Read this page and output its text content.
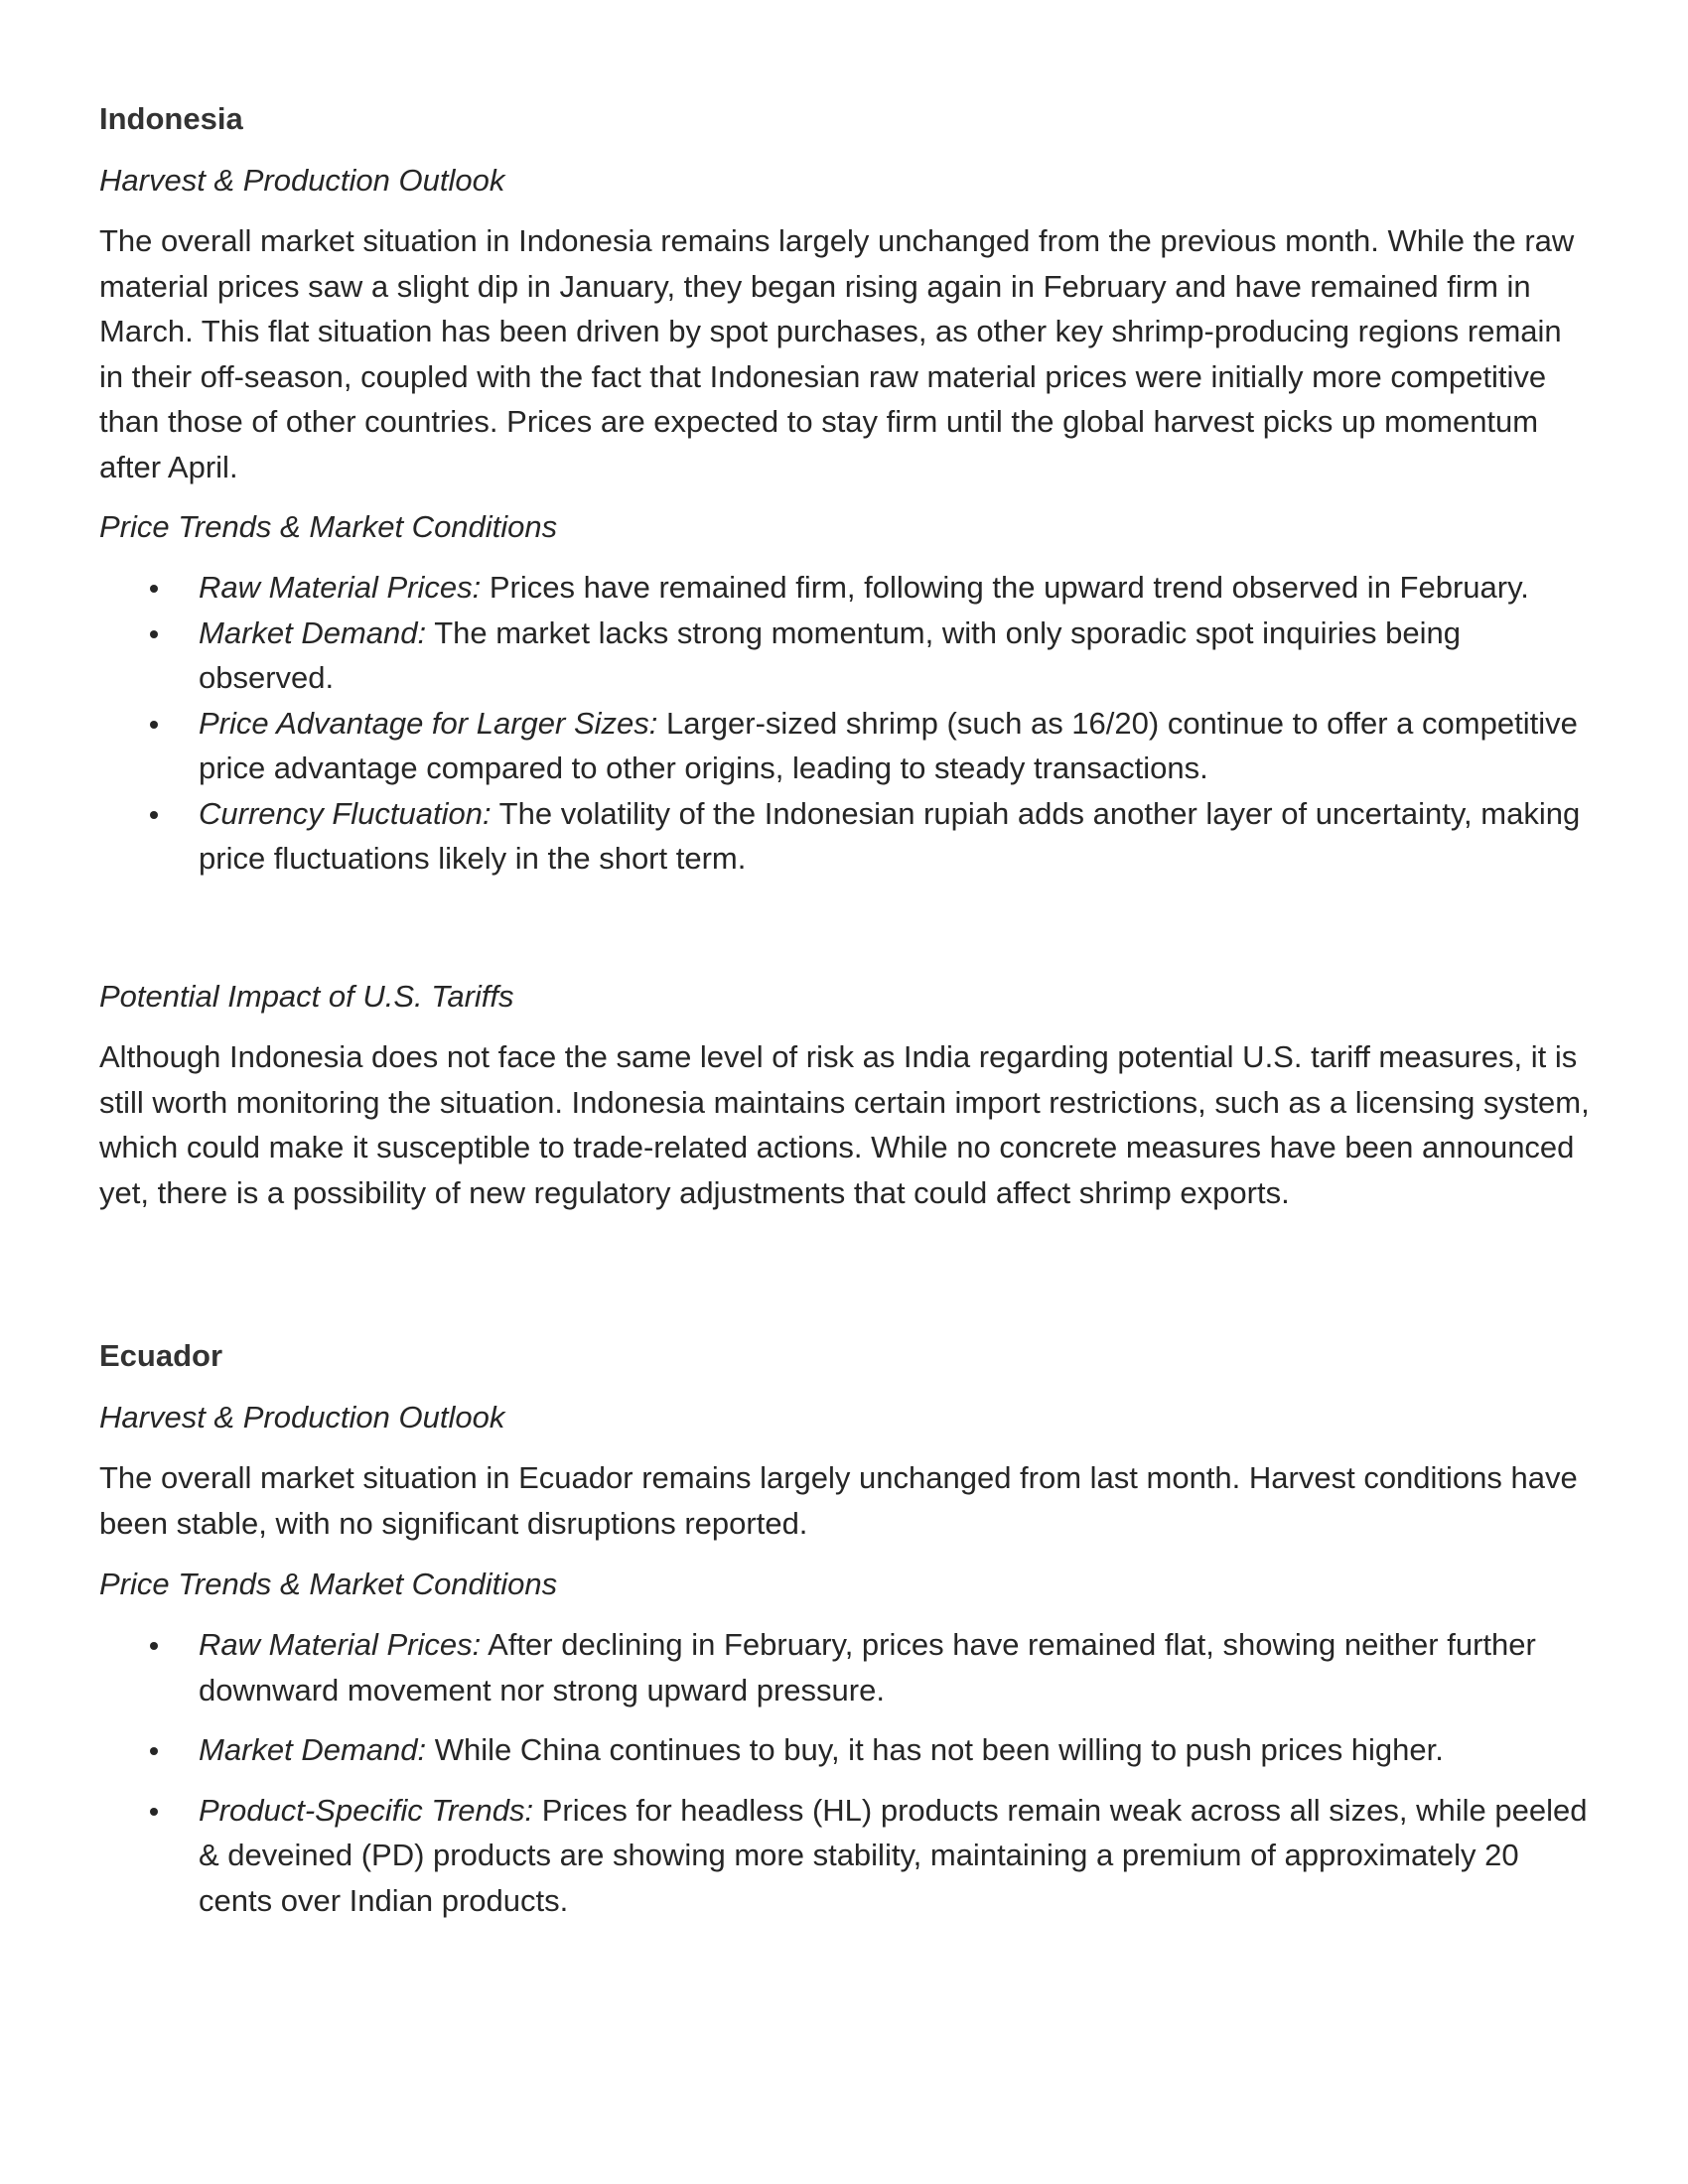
Indonesia
Harvest & Production Outlook

The overall market situation in Indonesia remains largely unchanged from the previous month. While the raw material prices saw a slight dip in January, they began rising again in February and have remained firm in March. This flat situation has been driven by spot purchases, as other key shrimp-producing regions remain in their off-season, coupled with the fact that Indonesian raw material prices were initially more competitive than those of other countries. Prices are expected to stay firm until the global harvest picks up momentum after April.

Price Trends & Market Conditions
Raw Material Prices: Prices have remained firm, following the upward trend observed in February.
Market Demand: The market lacks strong momentum, with only sporadic spot inquiries being observed.
Price Advantage for Larger Sizes: Larger-sized shrimp (such as 16/20) continue to offer a competitive price advantage compared to other origins, leading to steady transactions.
Currency Fluctuation: The volatility of the Indonesian rupiah adds another layer of uncertainty, making price fluctuations likely in the short term.
Potential Impact of U.S. Tariffs

Although Indonesia does not face the same level of risk as India regarding potential U.S. tariff measures, it is still worth monitoring the situation. Indonesia maintains certain import restrictions, such as a licensing system, which could make it susceptible to trade-related actions. While no concrete measures have been announced yet, there is a possibility of new regulatory adjustments that could affect shrimp exports.

Ecuador
Harvest & Production Outlook

The overall market situation in Ecuador remains largely unchanged from last month. Harvest conditions have been stable, with no significant disruptions reported.

Price Trends & Market Conditions
Raw Material Prices: After declining in February, prices have remained flat, showing neither further downward movement nor strong upward pressure.
Market Demand: While China continues to buy, it has not been willing to push prices higher.
Product-Specific Trends: Prices for headless (HL) products remain weak across all sizes, while peeled & deveined (PD) products are showing more stability, maintaining a premium of approximately 20 cents over Indian products.
